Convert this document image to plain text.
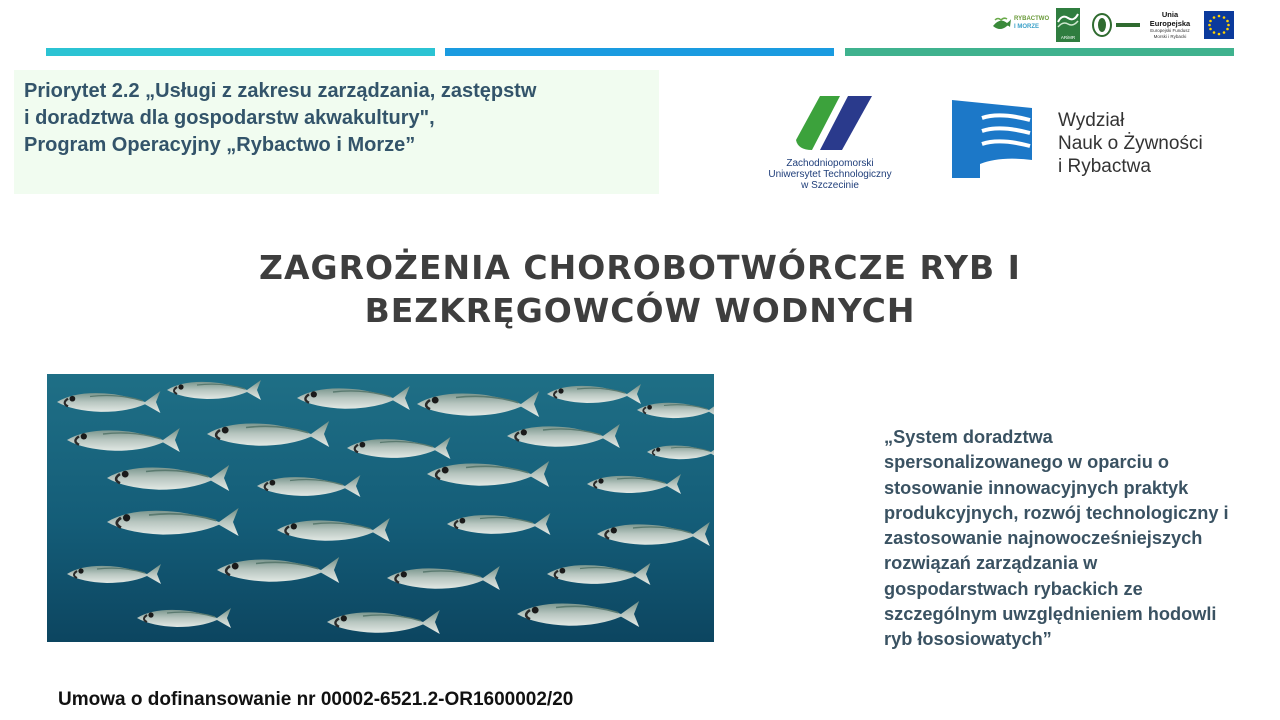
RYBACTWO
I MORZE
ARiMR
Unia Europejska
Europejski Fundusz
Morski i Rybacki

Priorytet 2.2 „Usługi z zakresu zarządzania, zastępstw

i doradztwa dla gospodarstw akwakultury",

Program Operacyjny „Rybactwo i Morze”

Zachodniopomorski
Uniwersytet Technologiczny
w Szczecinie
Wydział
Nauk o Żywności
i Rybactwa
ZAGROŻENIA CHOROBOTWÓRCZE RYB I
BEZKRĘGOWCÓW WODNYCH
„System doradztwa spersonalizowanego w oparciu o stosowanie innowacyjnych praktyk produkcyjnych, rozwój technologiczny i zastosowanie najnowocześniejszych rozwiązań zarządzania w gospodarstwach rybackich ze szczególnym uwzględnieniem hodowli ryb łososiowatych”
Umowa o dofinansowanie nr 00002-6521.2-OR1600002/20
